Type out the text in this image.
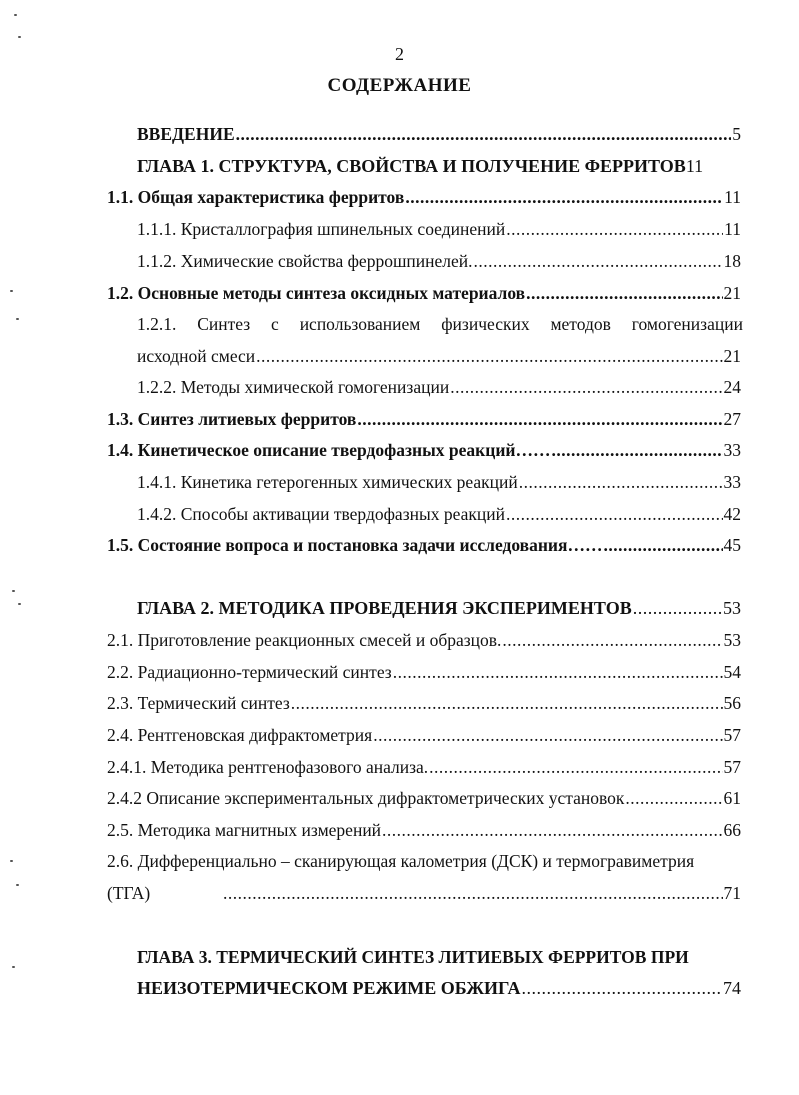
2
СОДЕРЖАНИЕ
ВВЕДЕНИЕ .....	5
ГЛАВА 1. СТРУКТУРА, СВОЙСТВА И ПОЛУЧЕНИЕ ФЕРРИТОВ 11
1.1. Общая характеристика ферритов .....	11
1.1.1. Кристаллография шпинельных соединений .....	11
1.1.2. Химические свойства феррошпинелей. .....	18
1.2. Основные методы синтеза оксидных материалов .....	21
1.2.1. Синтез с использованием физических методов гомогенизации
исходной смеси .....	21
1.2.2. Методы химической гомогенизации .....	24
1.3. Синтез литиевых ферритов .....	27
1.4. Кинетическое описание твердофазных реакций…… .....	33
1.4.1. Кинетика гетерогенных химических реакций .....	33
1.4.2. Способы активации твердофазных реакций .....	42
1.5. Состояние вопроса и постановка задачи исследования…… .....	45
ГЛАВА 2. МЕТОДИКА ПРОВЕДЕНИЯ ЭКСПЕРИМЕНТОВ .....	53
2.1. Приготовление реакционных смесей и образцов. .....	53
2.2. Радиационно-термический синтез .....	54
2.3. Термический синтез .....	56
2.4. Рентгеновская дифрактометрия .....	57
2.4.1. Методика рентгенофазового анализа. .....	57
2.4.2 Описание экспериментальных дифрактометрических установок .....	61
2.5. Методика магнитных измерений .....	66
2.6. Дифференциально – сканирующая калометрия (ДСК) и термогравиметрия
(ТГА) .....	71
ГЛАВА 3. ТЕРМИЧЕСКИЙ СИНТЕЗ ЛИТИЕВЫХ ФЕРРИТОВ ПРИ
НЕИЗОТЕРМИЧЕСКОМ РЕЖИМЕ ОБЖИГА .....	74
